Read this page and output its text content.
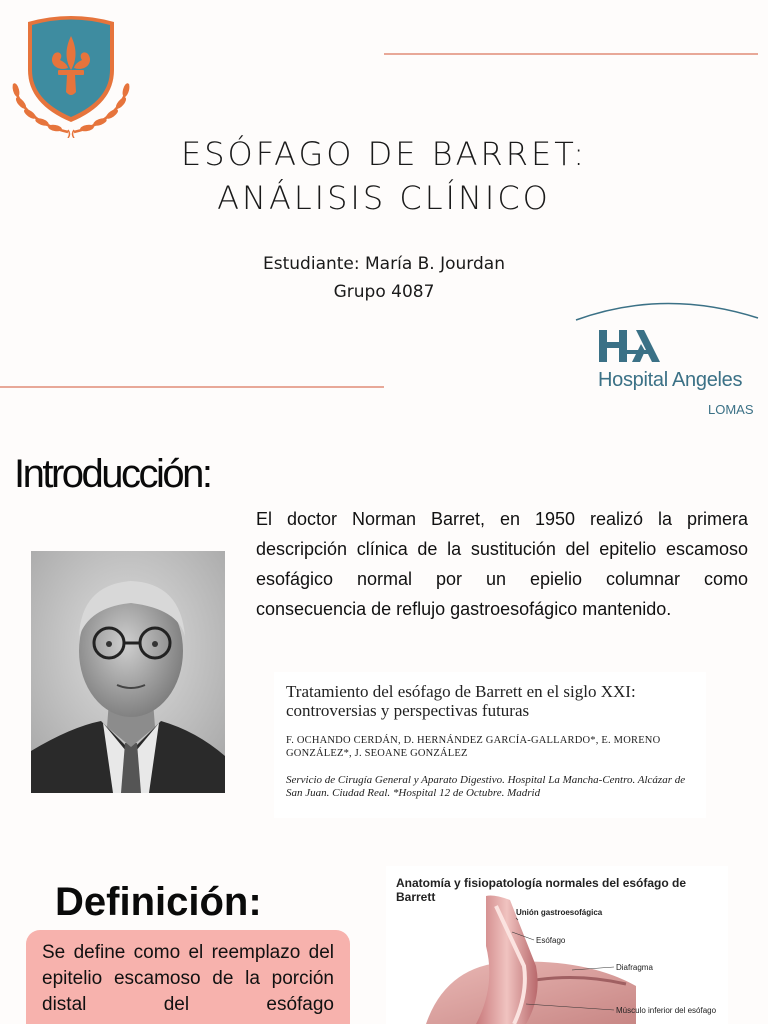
ESÓFAGO DE BARRET:
ANÁLISIS CLÍNICO
Estudiante: María B. Jourdan
Grupo 4087
Hospital Angeles
LOMAS
Introducción:
El doctor Norman Barret, en 1950 realizó la primera descripción clínica de la sustitución del epitelio escamoso esofágico normal por un epielio columnar como consecuencia de reflujo gastroesofágico mantenido.
Tratamiento del esófago de Barrett en el siglo XXI:
controversias y perspectivas futuras
F. OCHANDO CERDÁN, D. HERNÁNDEZ GARCÍA-GALLARDO*, E. MORENO GONZÁLEZ*, J. SEOANE GONZÁLEZ
Servicio de Cirugía General y Aparato Digestivo. Hospital La Mancha-Centro. Alcázar de San Juan. Ciudad Real. *Hospital 12 de Octubre. Madrid
Definición:
Se define como el reemplazo del epitelio escamoso de la porción distal del esófago
Anatomía y fisiopatología normales del esófago de Barrett
Unión gastroesofágica
Esófago
Diafragma
Músculo inferior del esófago
